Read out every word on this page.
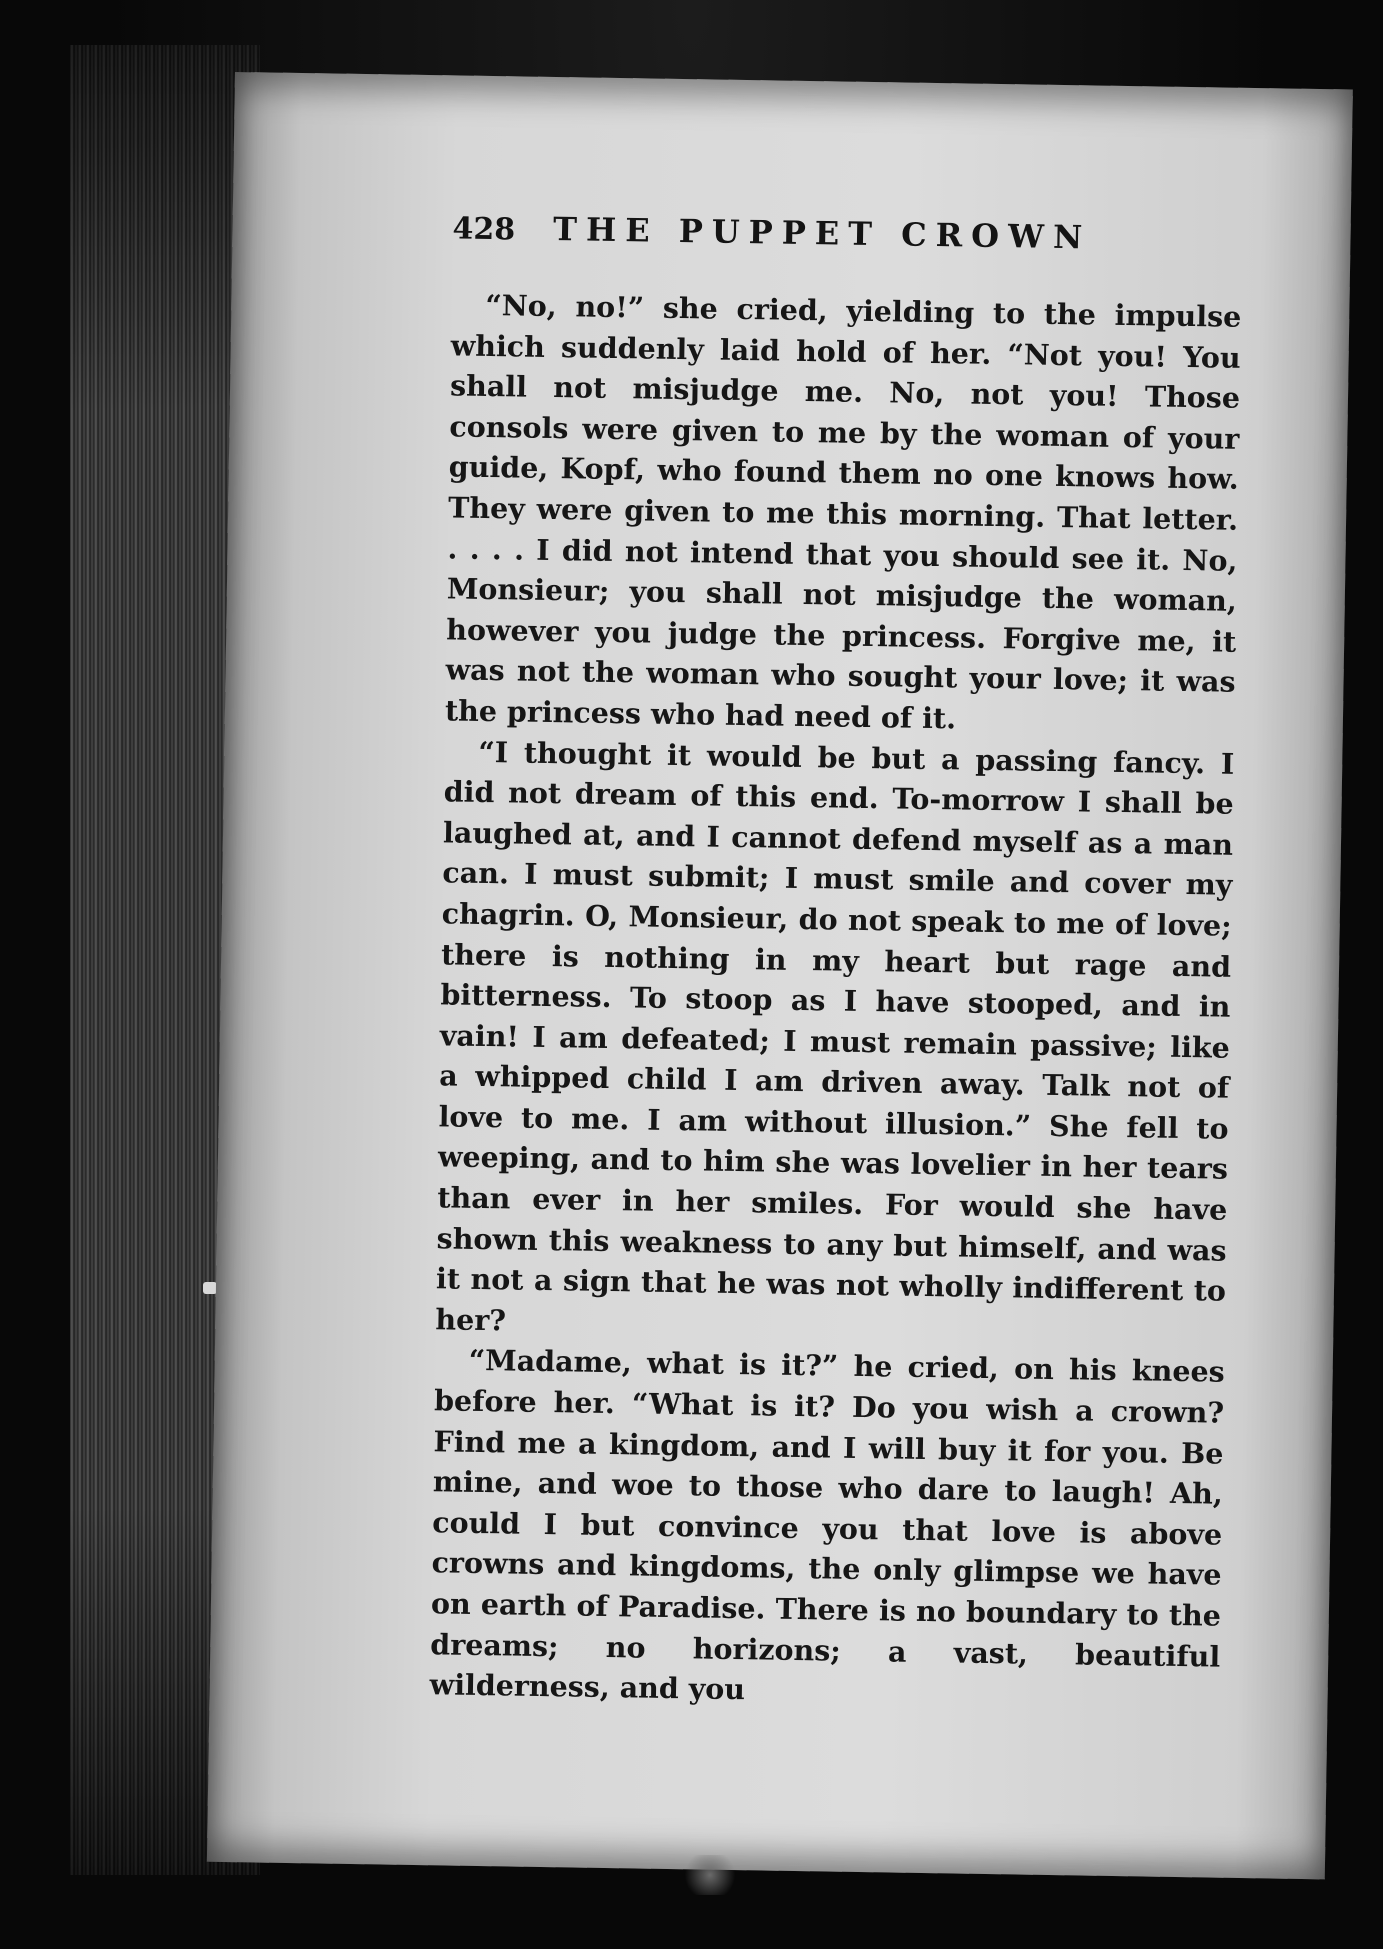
428 THE PUPPET CROWN

“No, no!” she cried, yielding to the impulse which suddenly laid hold of her. “Not you! You shall not misjudge me. No, not you! Those consols were given to me by the woman of your guide, Kopf, who found them no one knows how. They were given to me this morning. That letter. . . . . I did not intend that you should see it. No, Monsieur; you shall not misjudge the woman, however you judge the princess. Forgive me, it was not the woman who sought your love; it was the princess who had need of it.

“I thought it would be but a passing fancy. I did not dream of this end. To-morrow I shall be laughed at, and I cannot defend myself as a man can. I must submit; I must smile and cover my chagrin. O, Monsieur, do not speak to me of love; there is nothing in my heart but rage and bitterness. To stoop as I have stooped, and in vain! I am defeated; I must remain passive; like a whipped child I am driven away. Talk not of love to me. I am without illusion.” She fell to weeping, and to him she was lovelier in her tears than ever in her smiles. For would she have shown this weakness to any but himself, and was it not a sign that he was not wholly indifferent to her?

“Madame, what is it?” he cried, on his knees before her. “What is it? Do you wish a crown? Find me a kingdom, and I will buy it for you. Be mine, and woe to those who dare to laugh! Ah, could I but convince you that love is above crowns and kingdoms, the only glimpse we have on earth of Paradise. There is no boundary to the dreams; no horizons; a vast, beautiful wilderness, and you
